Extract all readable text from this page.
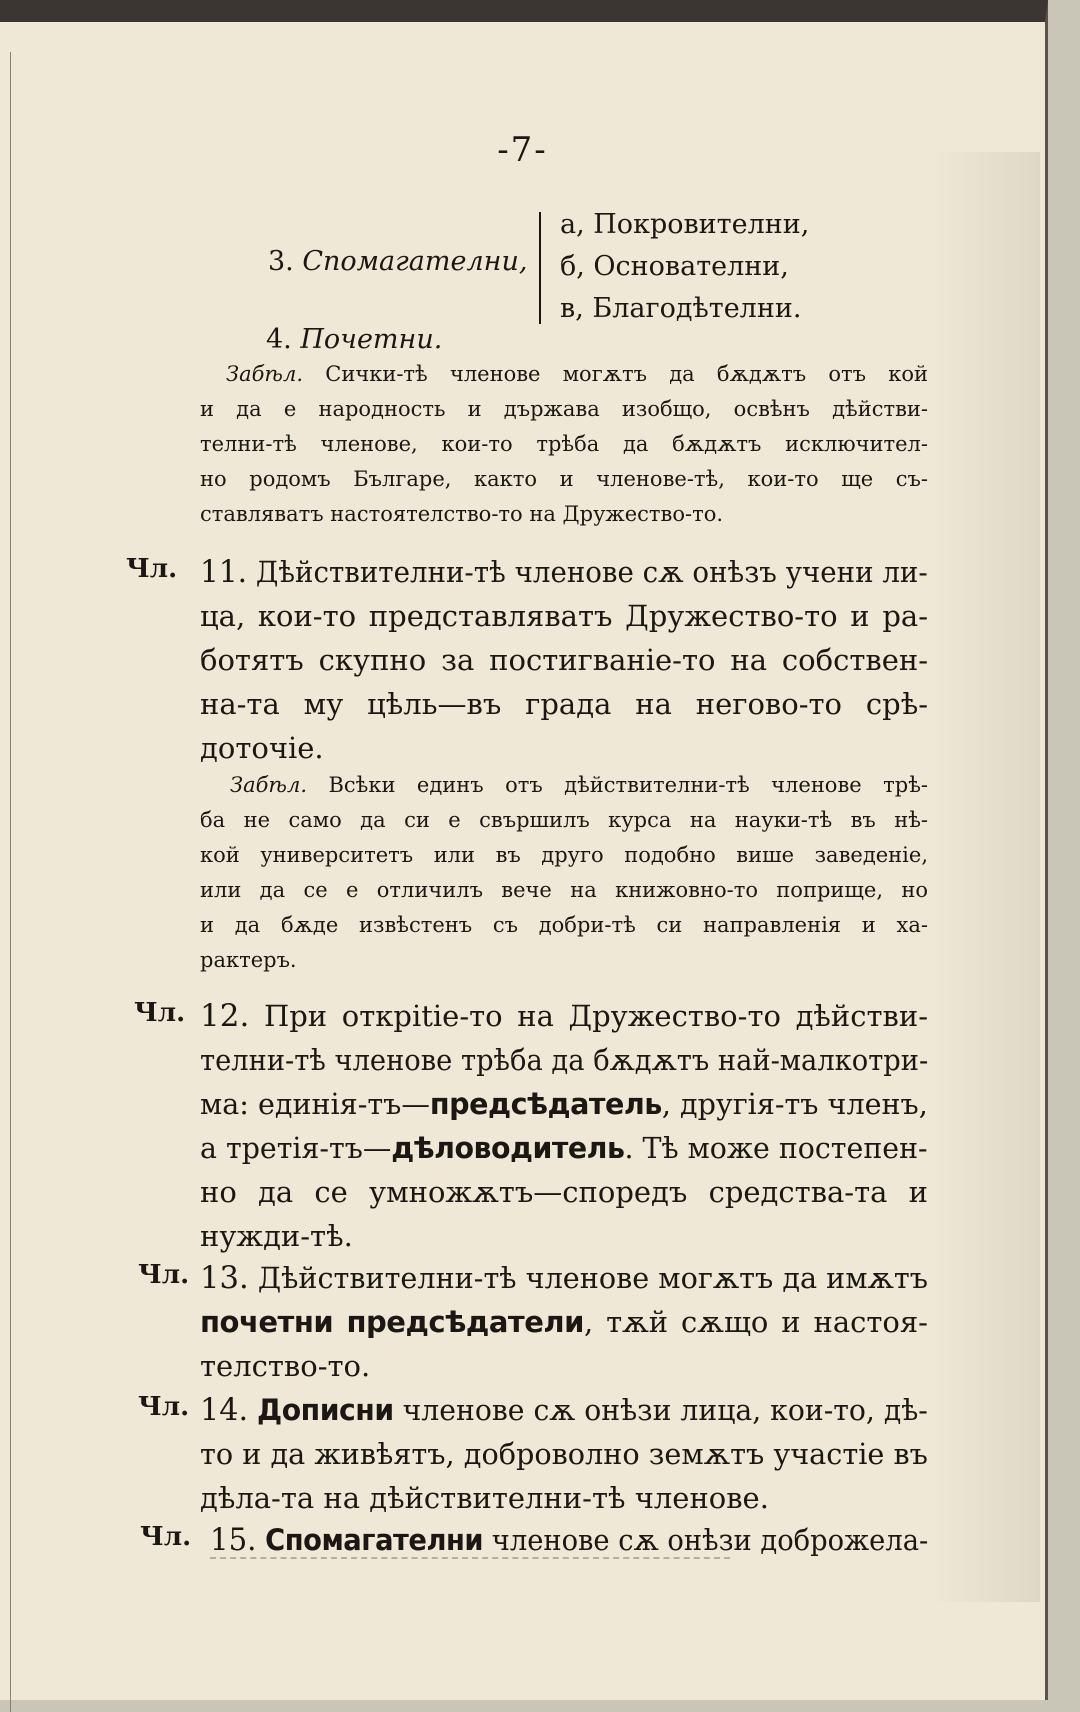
-7-
3. Спомагателни,
а, Покровителни,
б, Основателни,
в, Благодѣтелни.
4. Почетни.
Забѣл. Сички-тѣ членове могѫтъ да бѫдѫтъ отъ кой
и да е народность и държава изобщо, освѣнъ дѣйстви-
телни-тѣ членове, кои-то трѣба да бѫдѫтъ исключител-
но родомъ Българе, както и членове-тѣ, кои-то ще съ-
ставляватъ настоятелство-то на Дружество-то.
Чл. 11. Дѣйствителни-тѣ членове сѫ онѣзъ учени ли-
ца, кои-то представляватъ Дружество-то и ра-
ботятъ скупно за постигваніе-то на собствен-
на-та му цѣль—въ града на негово-то срѣ-
доточіе.
Забѣл. Всѣки единъ отъ дѣйствителни-тѣ членове трѣ-
ба не само да си е свършилъ курса на науки-тѣ въ нѣ-
кой университетъ или въ друго подобно више заведеніе,
или да се е отличилъ вече на книжовно-то поприще, но
и да бѫде извѣстенъ съ добри-тѣ си направленія и ха-
рактеръ.
Чл. 12. При открitіе-то на Дружество-то дѣйстви-
телни-тѣ членове трѣба да бѫдѫтъ най-малкотри-
ма: единія-тъ—предсѣдатель, другія-тъ членъ,
а третія-тъ—дѣловодитель. Тѣ може постепен-
но да се умножѫтъ—споредъ средства-та и
нужди-тѣ.
Чл. 13. Дѣйствителни-тѣ членове могѫтъ да имѫтъ
почетни предсѣдатели, тѫй сѫщо и настоя-
телство-то.
Чл. 14. Дописни членове сѫ онѣзи лица, кои-то, дѣ-
то и да живѣятъ, доброволно земѫтъ участіе въ
дѣла-та на дѣйствителни-тѣ членове.
Чл. 15. Спомагателни членове сѫ онѣзи доброжела-
